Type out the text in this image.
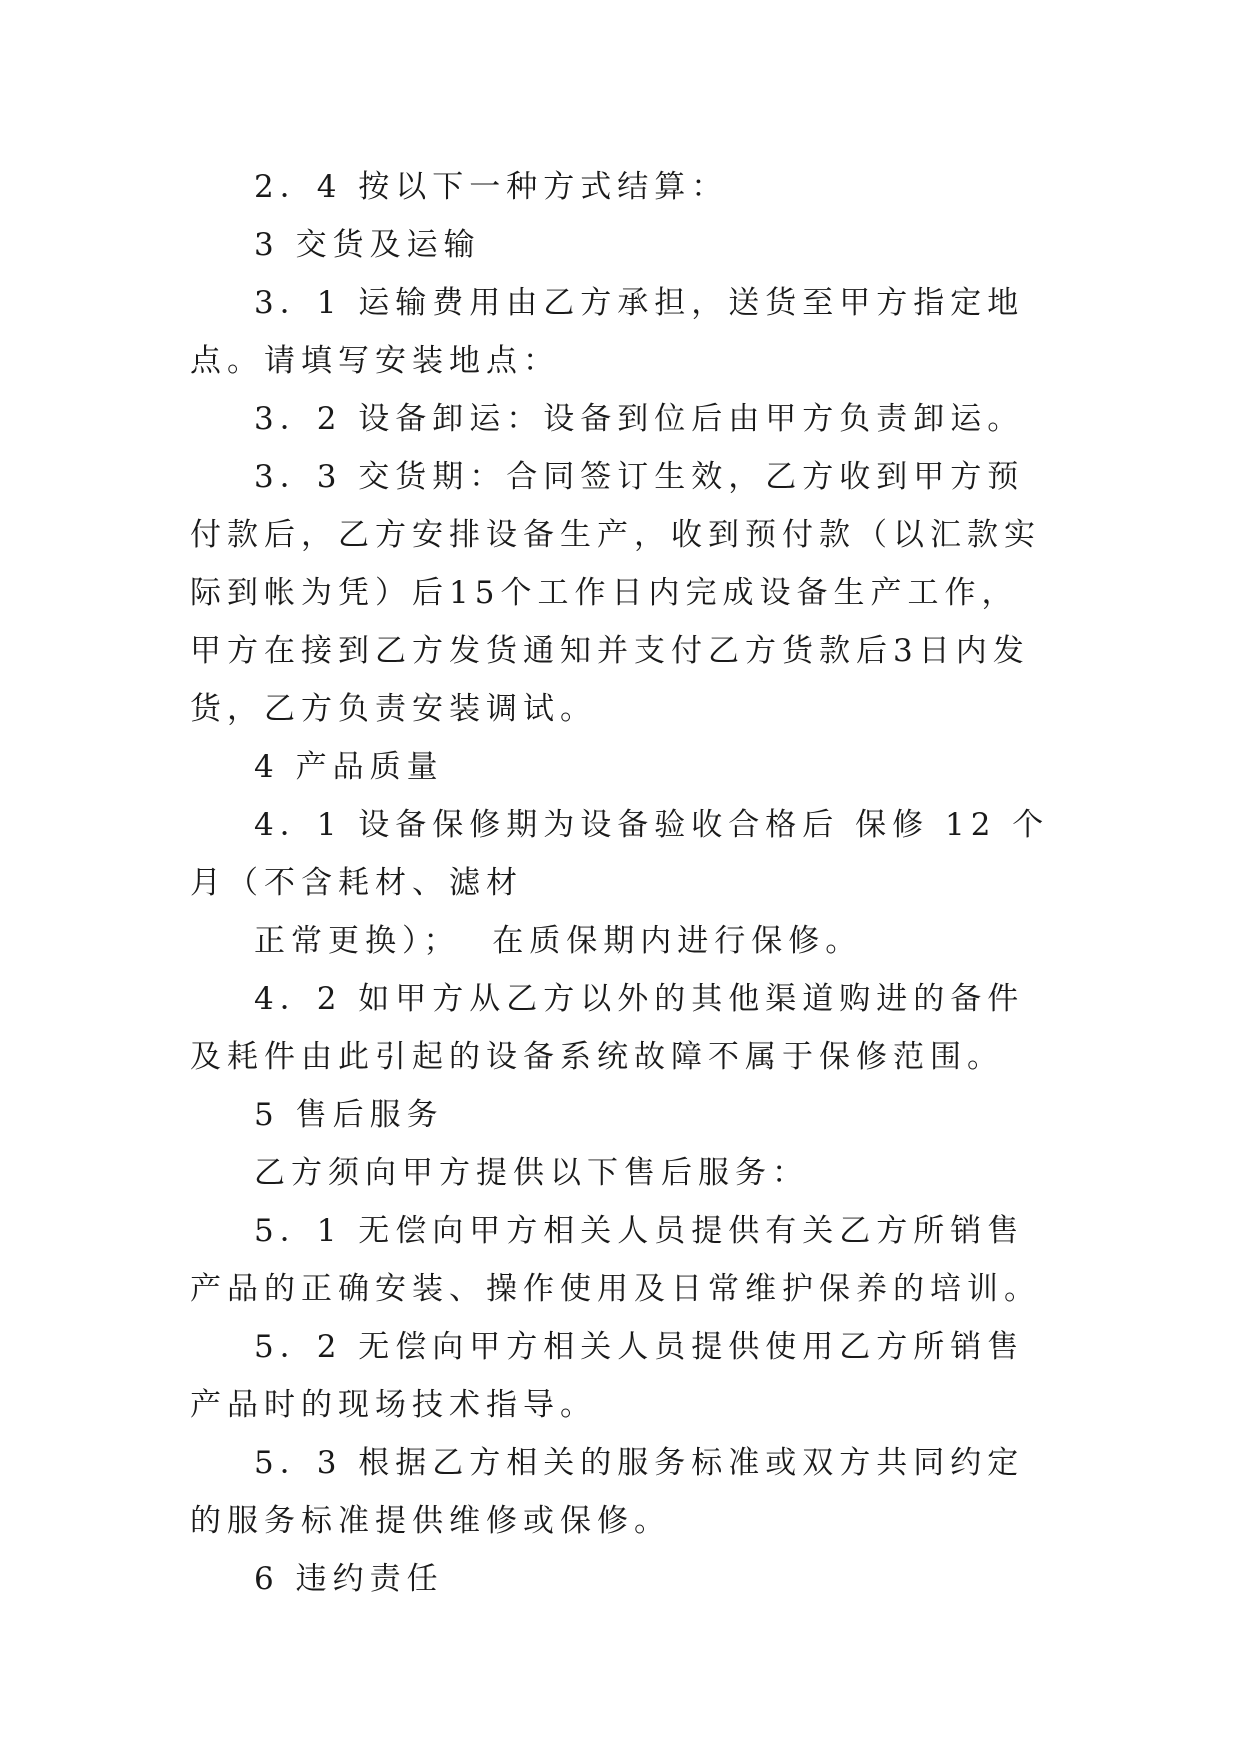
2．4 按以下一种方式结算：

3 交货及运输

3．1 运输费用由乙方承担，送货至甲方指定地点。请填写安装地点：

3．2 设备卸运：设备到位后由甲方负责卸运。

3．3 交货期：合同签订生效，乙方收到甲方预付款后，乙方安排设备生产，收到预付款（以汇款实际到帐为凭）后15个工作日内完成设备生产工作，甲方在接到乙方发货通知并支付乙方货款后3日内发货，乙方负责安装调试。

4 产品质量

4．1 设备保修期为设备验收合格后 保修 12 个月（不含耗材、滤材

正常更换）；  在质保期内进行保修。

4．2 如甲方从乙方以外的其他渠道购进的备件及耗件由此引起的设备系统故障不属于保修范围。

5 售后服务

乙方须向甲方提供以下售后服务：

5．1 无偿向甲方相关人员提供有关乙方所销售产品的正确安装、操作使用及日常维护保养的培训。

5．2 无偿向甲方相关人员提供使用乙方所销售产品时的现场技术指导。

5．3 根据乙方相关的服务标准或双方共同约定的服务标准提供维修或保修。

6 违约责任
